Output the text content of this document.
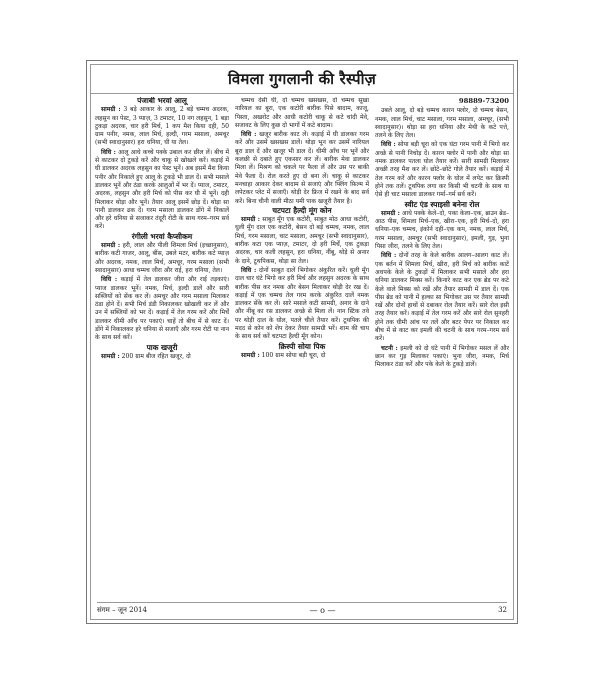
विमला गुगलानी की रैस्पीज़

पंजाबी भरवां आलू

सामग्री : 3 बड़े आकार के आलू, 2 बड़े चम्मच अदरक, लहसुन का पेस्ट, 3 प्याज़, 3 टमाटर, 10 नग लहसुन, 1 बड़ा टुकड़ा अदरक, चार हरी मिर्च, 1 कप मैश किया दही, 50 ग्राम पनीर, नमक, लाल मिर्च, हल्दी, गरम मसाला, अमचूर (सभी स्वादानुसार) हरा धनिया, घी या तेल।

विधि : आलू आधे कच्चे पक्के उबाल कर छील लें। बीच में से काटकर दो टुकड़े करें और चाकू से खोखले करें। कड़ाई में घी डालकर अदरक लहसुन का पेस्ट भूनें। अब इसमें मैश किया पनीर और निकाले हुए आलू के टुकड़े भी डाल दें। सभी मसाले डालकर भूनें और ठंडा करके आलुओं में भर दें। प्याज, टमाटर, अदरक, लहसुन और हरी मिर्च को पीस कर घी में भूनें। दही मिलाकर थोड़ा और भूनें। तैयार आलू इसमें छोड़ दें। थोड़ा सा पानी डालकर ढक दें। गरम मसाला डालकर डोंगे में निकालें और हरे धनिया से सजाकर तंदूरी रोटी के साथ गरम–गरम सर्व करें।

रंगीली भरवां कैप्सीकम

सामग्री : हरी, लाल और पीली शिमला मिर्च (इच्छानुसार), बारीक कटी गाजर, आलू, बींस, उबले मटर, बारीक कटे प्याज़ और अदरक, नमक, लाल मिर्च, अमचूर, गरम मसाला (सभी स्वादानुसार) आधा चम्मच जीरा और राई, हरा धनिया, तेल।

विधि : कड़ाई में तेल डालकर जीरा और राई तड़काएं। प्याज डालकर भूनें। नमक, मिर्च, हल्दी डालें और सारी सब्जियों को सेंक कर लें। अमचूर और गरम मसाला मिलाकर ठंडा होने दें। सभी मिर्च डंडी निकालकर खोखली कर लें और उन में सब्जियों को भर दें। कड़ाई में तेल गरम करें और मिर्चें डालकर धीमी आँच पर पकाएं। चाहें तो बीच में से काट दें। डोंगे में निकालकर हरे धनिया से सजाएँ और गरम रोटी या नान के साथ सर्व करें।

पाक खजूरी

सामग्री : 200 ग्राम बीज रहित खजूर, दो

चम्मच देसी घी, दो चम्मच खसखस, दो चम्मच सूखा नारियल का बूरा, एक कटोरी बारीक पिसे बादाम, काजू, पिस्ता, अखरोट और आधी कटोरी चाकू से कटे चांदी मेवे, सजावट के लिए कुछ दो भागों में कटे बादाम।

विधि : खजूर बारीक काट लें। कड़ाई में घी डालकर गरम करें और उसमें खसखस डालें। थोड़ा भून कर उसमें नारियल बूरा डाल दें और खजूर भी डाल दें। धीमी आँच पर भूनें और कलछी से दबाते हुए एकसार कर लें। बारीक मेवा डालकर मिला लें। मिश्रण को चकले पर फैला लें और उस पर बाकी मेवे फैला दें। रोल करते हुए दो बना लें। चाकू से काटकर मनचाहा आकार देकर बादाम से सजाएं और फ्लिंग फ़िल्म में लपेटकर प्लेट में सजाएँ। थोड़ी देर फ्रिज में रखने के बाद सर्व करें। बिना चीनी वाली मीठा यमी पाक खजूरी तैयार है।

चटपटा हैल्दी मूंग कोन

सामग्री : साबुत मूँग एक कटोरी, साबुत मोठ आधा कटोरी, धुली मूँग दाल एक कटोरी, बेसन दो बड़े चम्मच, नमक, लाल मिर्च, गरम मसाला, चाट मसाला, अमचूर (सभी स्वादानुसार), बारीक कटा एक प्याज़, टमाटर, दो हरी मिर्चें, एक टुकड़ा अदरक, चार कली लहसुन, हरा धनिया, नींबू, थोड़े से अनार के दाने, टूथपिकस, थोड़ा सा तेल।

विधि : दोनों साबुत दालें भिगोकर अंकुरित करें। धुली मूँग दाल चार घंटे भिगो कर हरी मिर्च और लहसुन अदरक के साथ बारीक पीस कर नमक और बेसन मिलाकर थोड़ी देर रख दें। कड़ाई में एक चम्मच तेल गरम करके अंकुरित दालें नमक डालकर सेंके कर लें। सारे मसाले कटी सामग्री, अनार के दाने और नींबू का रस डालकर अच्छे से मिला लें। नान स्टिक तवे पर थोड़ी दाल के घोल, पतले चीले तैयार करें। टूथपिक की मदद से कोन को शेप देकर तैयार सामग्री भरें। शाम की चाय के साथ सर्व करें चटपटा हैल्दी मूँग कोन।

क्रिस्पी सोया पिक

सामग्री : 100 ग्राम सोया बड़ी चूरा, दो

98889-73200

उबले आलू, दो बड़े चम्मच कारन फ्लोर, दो चम्मच बेसन, नमक, लाल मिर्च, चाट मसाला, गरम मसाला, अमचूर, (सभी स्वादानुसार)। थोड़ा सा हरा धनिया और मेथी के कटे पत्ते, तलने के लिए तेल।

विधि : सोया बड़ी चूरा को एक घंटा गरम पानी में भिगो कर अच्छे से पानी निचोड़ दें। कारन फ्लोर में पानी और थोड़ा सा नमक डालकर पतला घोल तैयार करें। सारी सामग्री मिलाकर अच्छी तरह मैश कर लें। छोटे–छोटे गोले तैयार करें। कड़ाई में तेल गरम करें और कारन फ्लोर के घोल में लपेट कर क्रिस्पी होने तक तलें। टूथपिक लगा कर किसी भी चटनी के साथ या ऐसे ही चाट मसाला डालकर गर्मा–गर्म सर्व करें।

स्वीट एंड स्पाइसी बनेना रोल

सामग्री : आधे पक्के केले–दो, पका केला–एक, ब्राउन ब्रेड–आठ पीस, शिमला मिर्च–एक, खीरा–एक, हरी मिर्च–दो, हरा धनिया–एक चम्मच, इंकोर्न दही–एक कप, नमक, लाल मिर्च, गरम मसाला, अमचूर (सभी स्वादानुसार), इमली, गुड़, भुना पिसा जीरा, तलने के लिए तेल।

विधि : दोनों तरह के केले बारीक आलग–आलग काट लें। एक बर्तन में शिमला मिर्च, खीरा, हरी मिर्च को बारीक काटें अधपके केले के टुकड़ों में मिलाकर सभी मसाले और हरा धनिया डालकर मिक्स करें। किनारे काट कर एक ब्रेड पर कटे केले वाले मिक्स को रखें और तैयार सामग्री में डाल दें। एक पीस ब्रेड को पानी में हल्का सा भिगोकर उस पर तैयार सामग्री रखें और दोनों हाथों से दबाकर रोल तैयार करें। सारे रोल इसी तरह तैयार करें। कड़ाई में तेल गरम करें और सारे रोल सुनहरी होने तक धीमी आंच पर तलें और बटर पेपर पर निकाल कर बीच में से काट कर इमली की चटनी के साथ गरम–गरम सर्व करें।

चटनी : इमली को दो घंटे पानी में भिगोकर मसल लें और छान कर गुड़ मिलाकर पकाएं। भुना जीरा, नमक, मिर्च मिलाकर ठंडा करें और पके केले के टुकड़े डालें।

संगम – जून 2014	— o —	32
